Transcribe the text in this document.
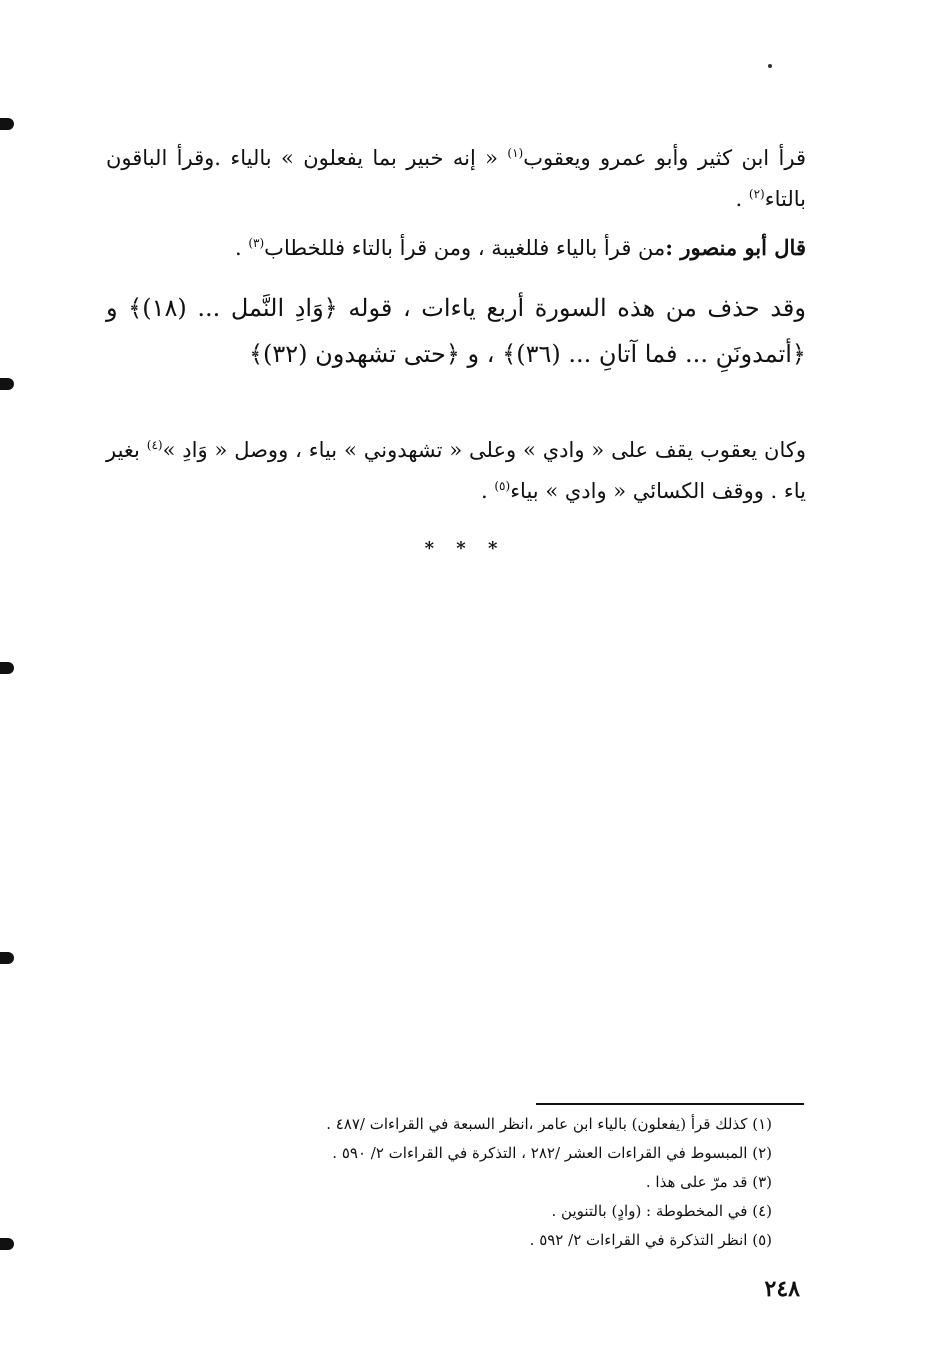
قرأ ابن كثير وأبو عمرو ويعقوب$^{(١)}$ « إنه خبير بما يفعلون » بالياء .وقرأ الباقون بالتاء$^{(٢)}$ .
قال أبو منصور :من قرأ بالياء فللغيبة ، ومن قرأ بالتاء فللخطاب$^{(٣)}$ .
وقد حذف من هذه السورة أربع ياءات ، قوله ﴿وَادِ النَّمل ... (١٨)﴾ و ﴿أتمدونَنِ ... فما آتانِ ... (٣٦)﴾ ، و ﴿حتى تشهدون (٣٢)﴾
وكان يعقوب يقف على « وادي » وعلى « تشهدوني » بياء ، ووصل « وَادِ »$^{(٤)}$ بغير ياء . ووقف الكسائي « وادي » بياء$^{(٥)}$ .
* * *
(١) كذلك قرأ (يفعلون) بالياء ابن عامر ،انظر السبعة في القراءات /٤٨٧ .
(٢) المبسوط في القراءات العشر /٢٨٢ ، التذكرة في القراءات ٢/ ٥٩٠ .
(٣) قد مرّ على هذا .
(٤) في المخطوطة : (وادٍ) بالتنوين .
(٥) انظر التذكرة في القراءات ٢/ ٥٩٢ .
٢٤٨
